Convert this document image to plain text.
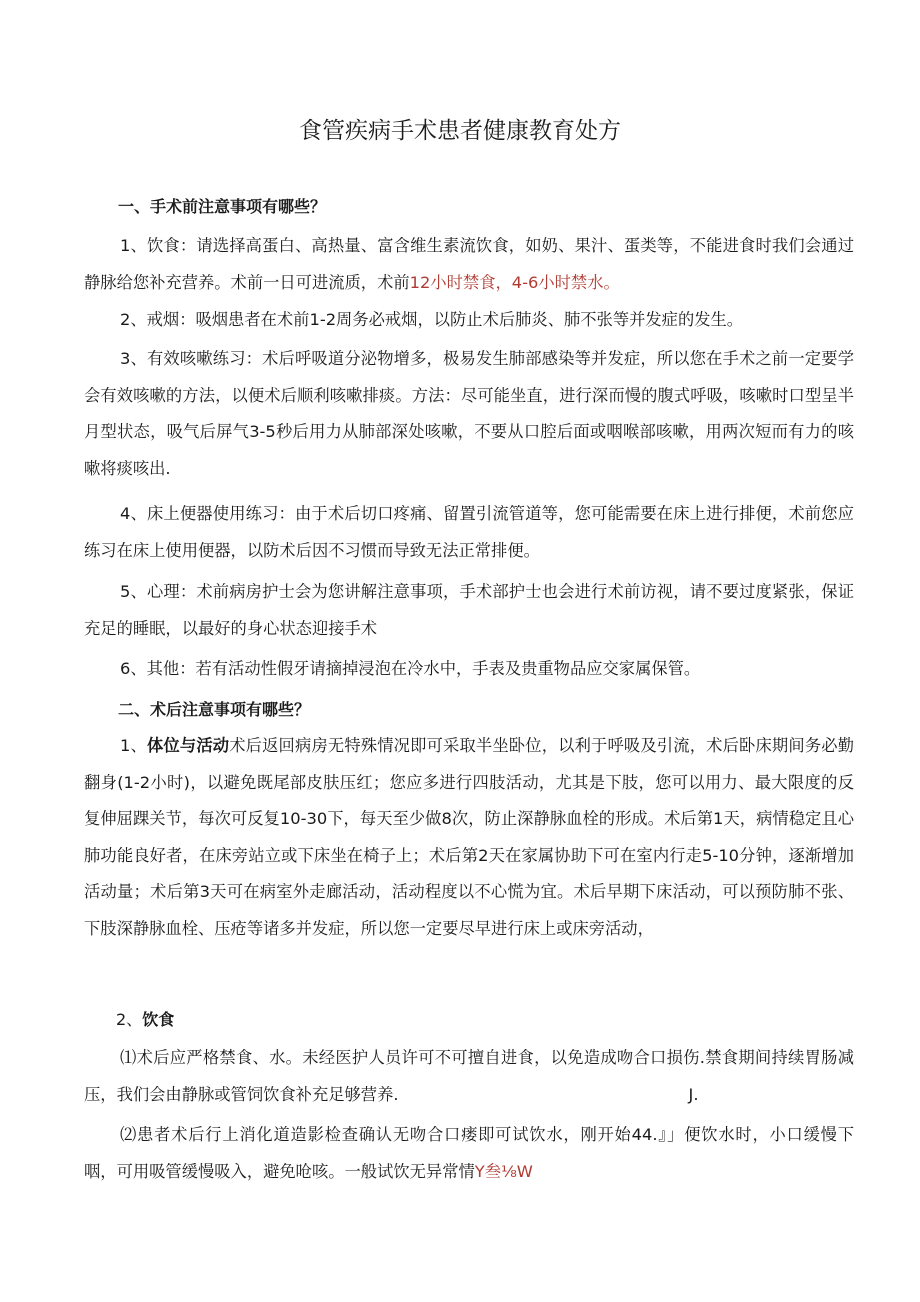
食管疾病手术患者健康教育处方
一、手术前注意事项有哪些？
1、饮食：请选择高蛋白、高热量、富含维生素流饮食，如奶、果汁、蛋类等，不能进食时我们会通过静脉给您补充营养。术前一日可进流质，术前12小时禁食，4-6小时禁水。
2、戒烟：吸烟患者在术前1-2周务必戒烟，以防止术后肺炎、肺不张等并发症的发生。
3、有效咳嗽练习：术后呼吸道分泌物增多，极易发生肺部感染等并发症，所以您在手术之前一定要学会有效咳嗽的方法，以便术后顺利咳嗽排痰。方法：尽可能坐直，进行深而慢的腹式呼吸，咳嗽时口型呈半月型状态，吸气后屏气3-5秒后用力从肺部深处咳嗽，不要从口腔后面或咽喉部咳嗽，用两次短而有力的咳嗽将痰咳出.
4、床上便器使用练习：由于术后切口疼痛、留置引流管道等，您可能需要在床上进行排便，术前您应练习在床上使用便器，以防术后因不习惯而导致无法正常排便。
5、心理：术前病房护士会为您讲解注意事项，手术部护士也会进行术前访视，请不要过度紧张，保证充足的睡眠，以最好的身心状态迎接手术
6、其他：若有活动性假牙请摘掉浸泡在冷水中，手表及贵重物品应交家属保管。
二、术后注意事项有哪些？
1、体位与活动术后返回病房无特殊情况即可采取半坐卧位，以利于呼吸及引流，术后卧床期间务必勤翻身(1-2小时)，以避免既尾部皮肤压红；您应多进行四肢活动，尤其是下肢，您可以用力、最大限度的反复伸屈踝关节，每次可反复10-30下，每天至少做8次，防止深静脉血栓的形成。术后第1天，病情稳定且心肺功能良好者，在床旁站立或下床坐在椅子上；术后第2天在家属协助下可在室内行走5-10分钟，逐渐增加活动量；术后第3天可在病室外走廊活动，活动程度以不心慌为宜。术后早期下床活动，可以预防肺不张、下肢深静脉血栓、压疮等诸多并发症，所以您一定要尽早进行床上或床旁活动，
2、饮食
⑴术后应严格禁食、水。未经医护人员许可不可擅自进食，以免造成吻合口损伤.禁食期间持续胃肠减压，我们会由静脉或管饲饮食补充足够营养.	J.
⑵患者术后行上消化道造影检查确认无吻合口瘘即可试饮水，刚开始44.』」便饮水时，小口缓慢下咽，可用吸管缓慢吸入，避免呛咳。一般试饮无异常情Y叁⅛W
